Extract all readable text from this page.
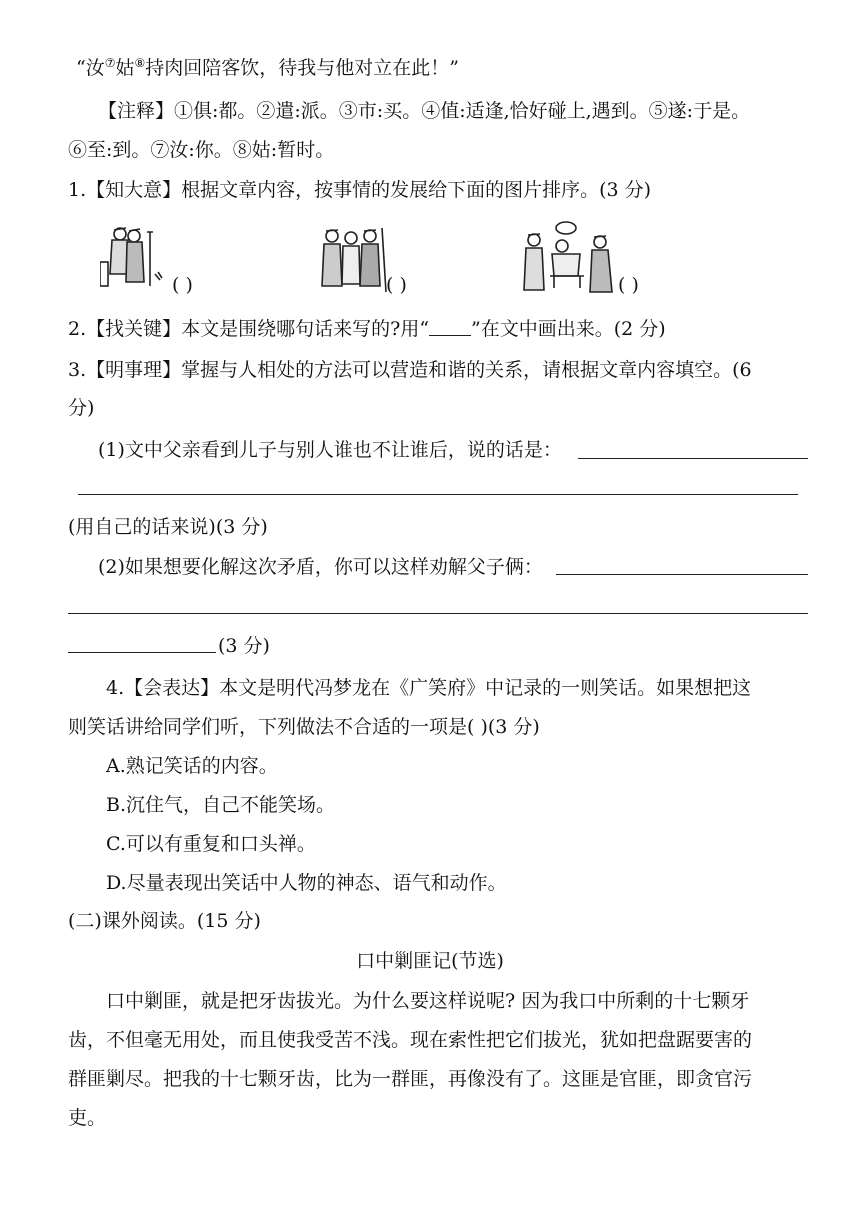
“汝⑦姑⑧持肉回陪客饮，待我与他对立在此！”
【注释】①俱:都。②遣:派。③市:买。④值:适逢,恰好碰上,遇到。⑤遂:于是。
⑥至:到。⑦汝:你。⑧姑:暂时。
1.【知大意】根据文章内容，按事情的发展给下面的图片排序。(3 分)
( )	( )	( )
2.【找关键】本文是围绕哪句话来写的?用“ ”在文中画出来。(2 分)
3.【明事理】掌握与人相处的方法可以营造和谐的关系，请根据文章内容填空。(6
分)
(1)文中父亲看到儿子与别人谁也不让谁后，说的话是：
(用自己的话来说)(3 分)
(2)如果想要化解这次矛盾，你可以这样劝解父子俩：
(3 分)
4.【会表达】本文是明代冯梦龙在《广笑府》中记录的一则笑话。如果想把这
则笑话讲给同学们听，下列做法不合适的一项是( )(3 分)
A.熟记笑话的内容。
B.沉住气，自己不能笑场。
C.可以有重复和口头禅。
D.尽量表现出笑话中人物的神态、语气和动作。
(二)课外阅读。(15 分)
口中剿匪记(节选)
口中剿匪，就是把牙齿拔光。为什么要这样说呢? 因为我口中所剩的十七颗牙
齿，不但毫无用处，而且使我受苦不浅。现在索性把它们拔光，犹如把盘踞要害的
群匪剿尽。把我的十七颗牙齿，比为一群匪，再像没有了。这匪是官匪，即贪官污
吏。
